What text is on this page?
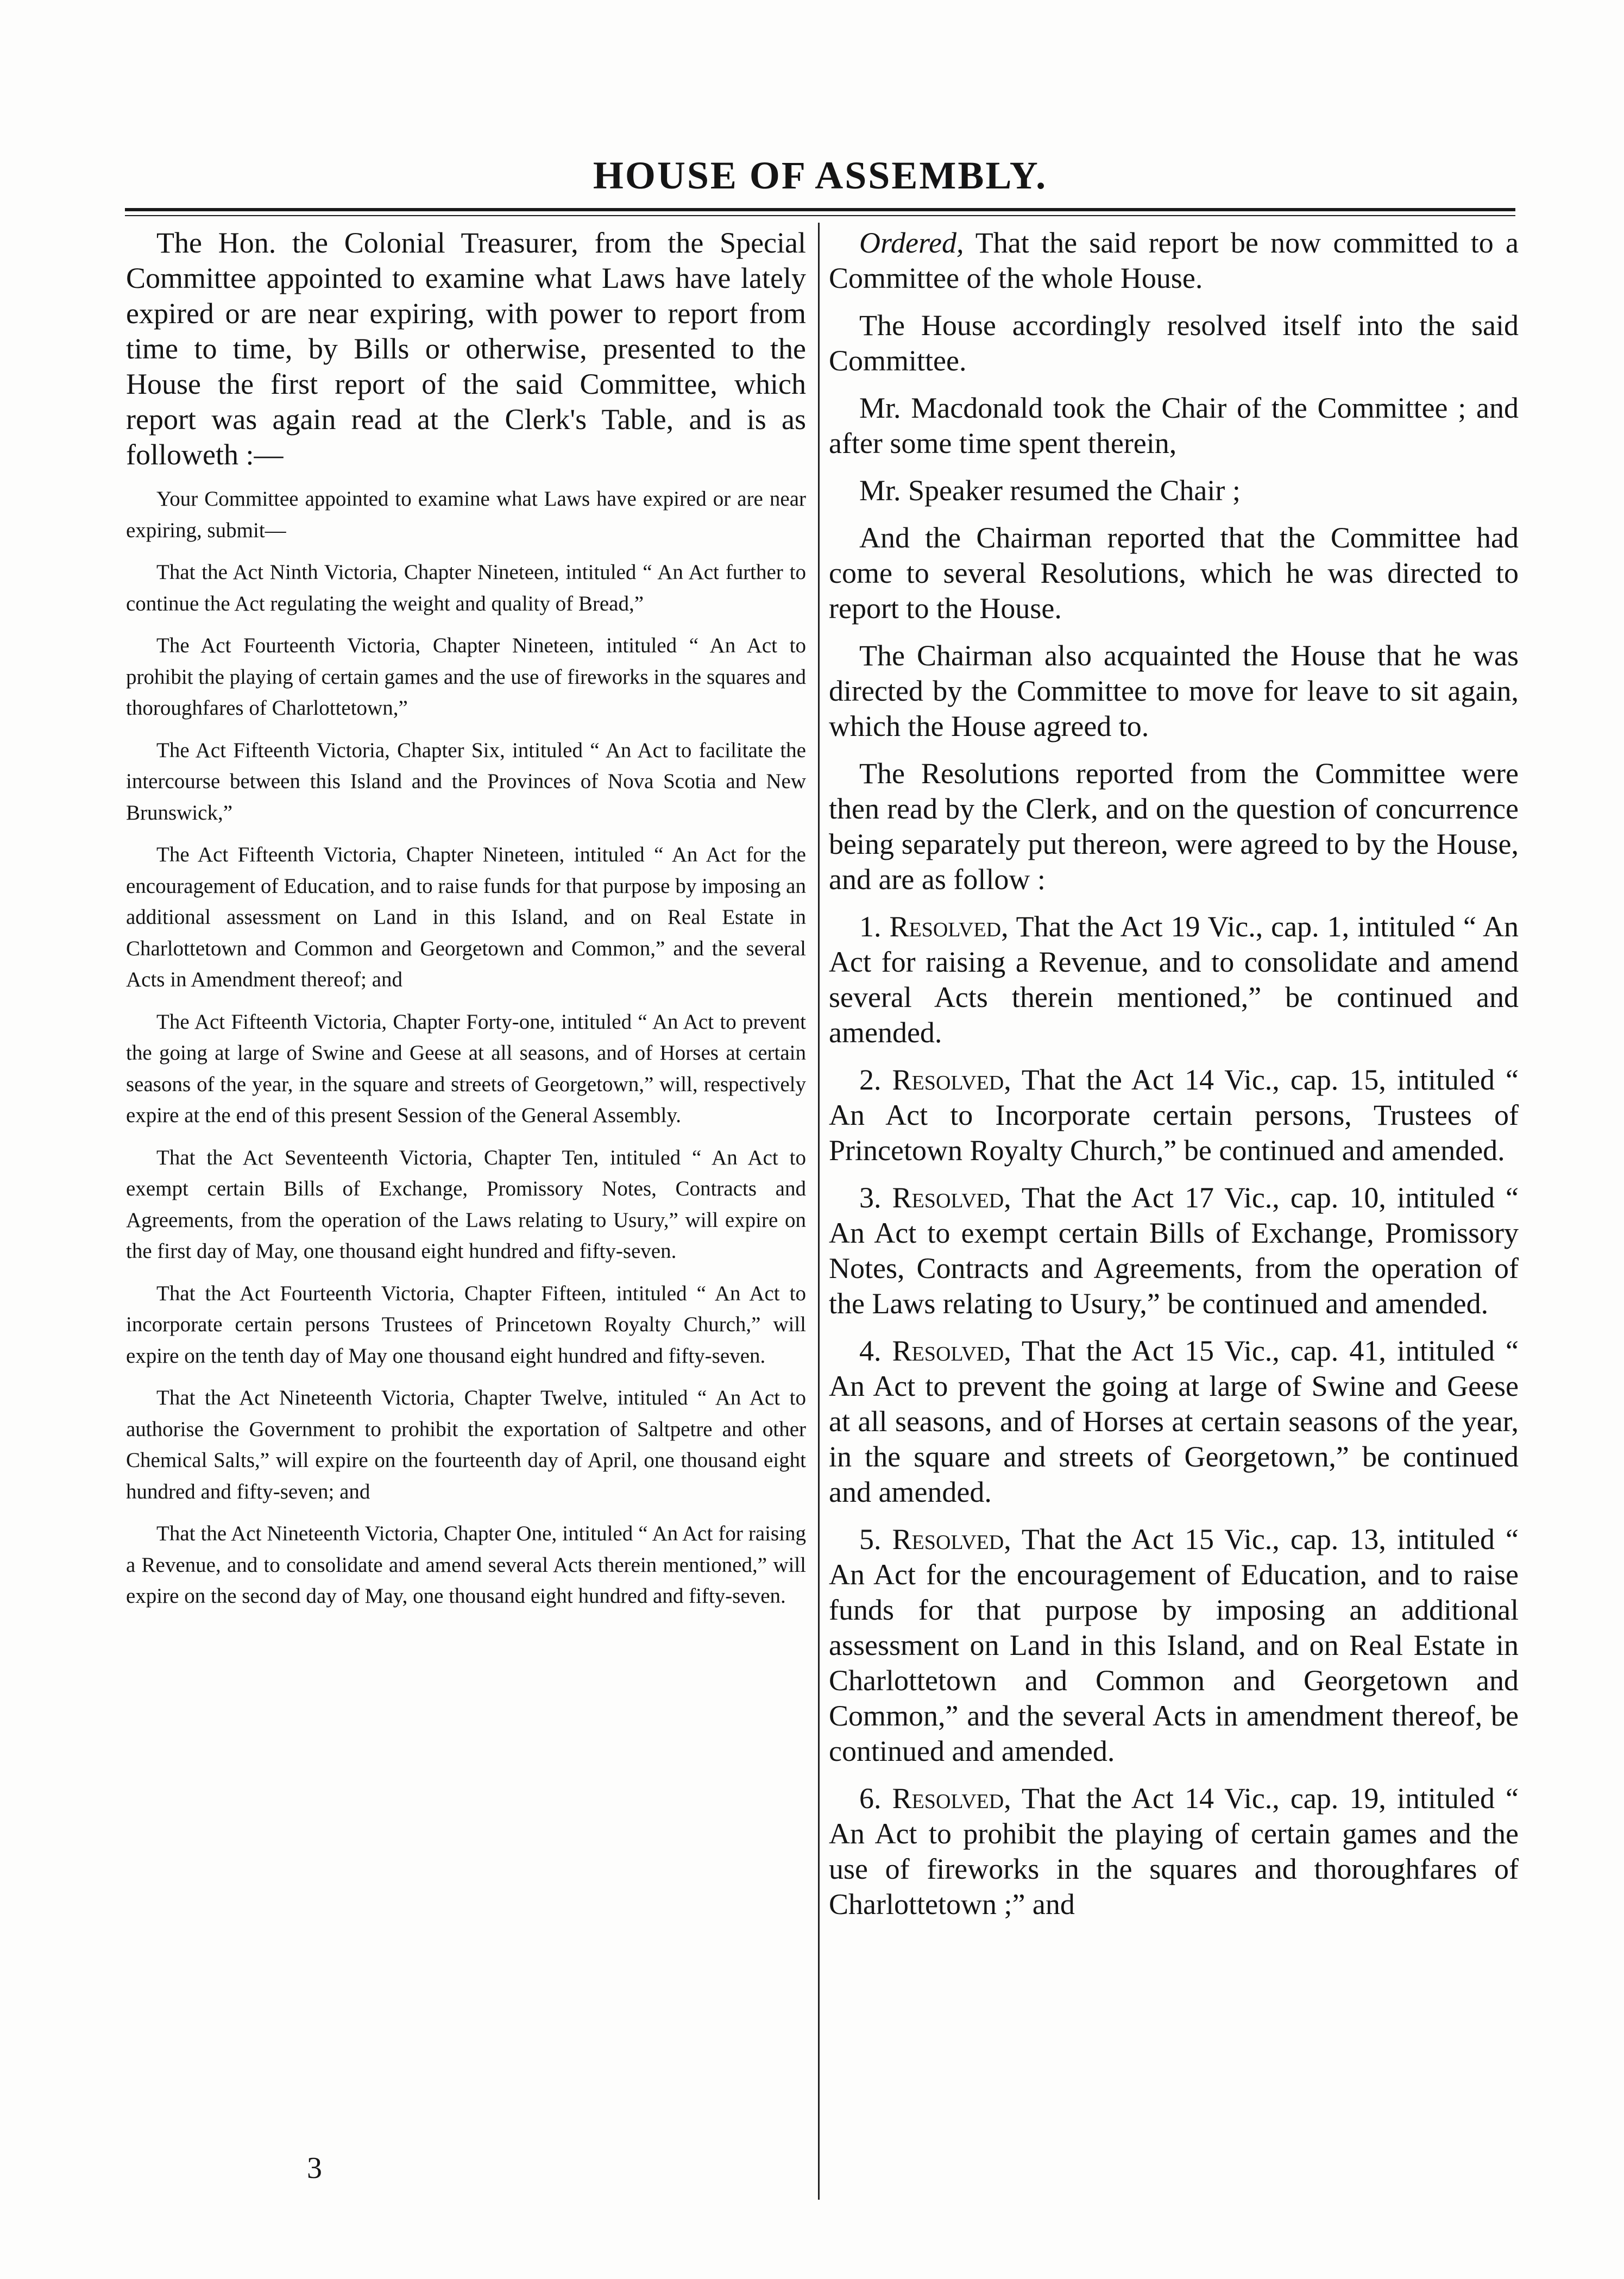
HOUSE OF ASSEMBLY.

The Hon. the Colonial Treasurer, from the Special Committee appointed to examine what Laws have lately expired or are near expiring, with power to report from time to time, by Bills or otherwise, presented to the House the first report of the said Committee, which report was again read at the Clerk's Table, and is as followeth :—

Your Committee appointed to examine what Laws have expired or are near expiring, submit—

That the Act Ninth Victoria, Chapter Nineteen, intituled “ An Act further to continue the Act regulating the weight and quality of Bread,”

The Act Fourteenth Victoria, Chapter Nineteen, intituled “ An Act to prohibit the playing of certain games and the use of fireworks in the squares and thoroughfares of Charlottetown,”

The Act Fifteenth Victoria, Chapter Six, intituled “ An Act to facilitate the intercourse between this Island and the Provinces of Nova Scotia and New Brunswick,”

The Act Fifteenth Victoria, Chapter Nineteen, intituled “ An Act for the encouragement of Education, and to raise funds for that purpose by imposing an additional assessment on Land in this Island, and on Real Estate in Charlottetown and Common and Georgetown and Common,” and the several Acts in Amendment thereof; and

The Act Fifteenth Victoria, Chapter Forty-one, intituled “ An Act to prevent the going at large of Swine and Geese at all seasons, and of Horses at certain seasons of the year, in the square and streets of Georgetown,” will, respectively expire at the end of this present Session of the General Assembly.

That the Act Seventeenth Victoria, Chapter Ten, intituled “ An Act to exempt certain Bills of Exchange, Promissory Notes, Contracts and Agreements, from the operation of the Laws relating to Usury,” will expire on the first day of May, one thousand eight hundred and fifty-seven.

That the Act Fourteenth Victoria, Chapter Fifteen, intituled “ An Act to incorporate certain persons Trustees of Princetown Royalty Church,” will expire on the tenth day of May one thousand eight hundred and fifty-seven.

That the Act Nineteenth Victoria, Chapter Twelve, intituled “ An Act to authorise the Government to prohibit the exportation of Saltpetre and other Chemical Salts,” will expire on the fourteenth day of April, one thousand eight hundred and fifty-seven; and

That the Act Nineteenth Victoria, Chapter One, intituled “ An Act for raising a Revenue, and to consolidate and amend several Acts therein mentioned,” will expire on the second day of May, one thousand eight hundred and fifty-seven.

Ordered, That the said report be now committed to a Committee of the whole House.

The House accordingly resolved itself into the said Committee.

Mr. Macdonald took the Chair of the Committee ; and after some time spent therein,

Mr. Speaker resumed the Chair ;

And the Chairman reported that the Committee had come to several Resolutions, which he was directed to report to the House.

The Chairman also acquainted the House that he was directed by the Committee to move for leave to sit again, which the House agreed to.

The Resolutions reported from the Committee were then read by the Clerk, and on the question of concurrence being separately put thereon, were agreed to by the House, and are as follow :

1. Resolved, That the Act 19 Vic., cap. 1, intituled “ An Act for raising a Revenue, and to consolidate and amend several Acts therein mentioned,” be continued and amended.

2. Resolved, That the Act 14 Vic., cap. 15, intituled “ An Act to Incorporate certain persons, Trustees of Princetown Royalty Church,” be continued and amended.

3. Resolved, That the Act 17 Vic., cap. 10, intituled “ An Act to exempt certain Bills of Exchange, Promissory Notes, Contracts and Agreements, from the operation of the Laws relating to Usury,” be continued and amended.

4. Resolved, That the Act 15 Vic., cap. 41, intituled “ An Act to prevent the going at large of Swine and Geese at all seasons, and of Horses at certain seasons of the year, in the square and streets of Georgetown,” be continued and amended.

5. Resolved, That the Act 15 Vic., cap. 13, intituled “ An Act for the encouragement of Education, and to raise funds for that purpose by imposing an additional assessment on Land in this Island, and on Real Estate in Charlottetown and Common and Georgetown and Common,” and the several Acts in amendment thereof, be continued and amended.

6. Resolved, That the Act 14 Vic., cap. 19, intituled “ An Act to prohibit the playing of certain games and the use of fireworks in the squares and thoroughfares of Charlottetown ;” and

3
